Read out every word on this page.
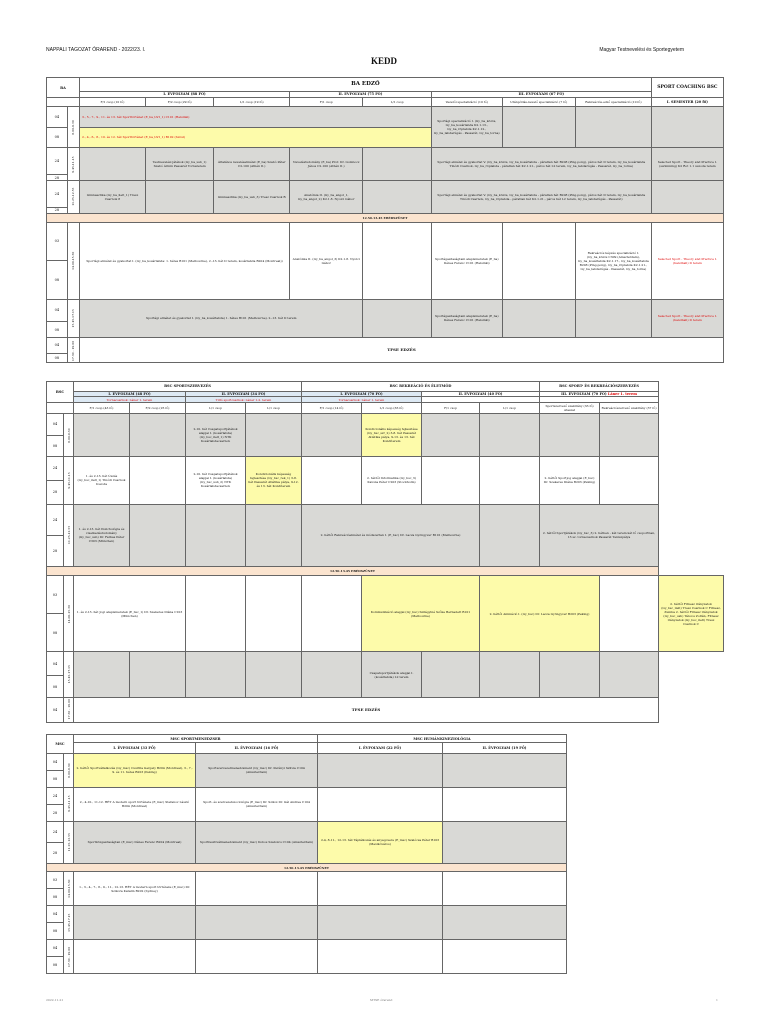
NAPPALI TAGOZAT ÓRAREND - 2022/23. I.	Magyar Testnevelési és Sportegyetem
KEDD
BA		BA EDZŐ								SPORT COACHING BSC
		I. ÉVFOLYAM (88 FŐ)			II. ÉVFOLYAM (75 FŐ)		III. ÉVFOLYAM (67 FŐ)			
		F/1 csop (10 fő)	F/2 csop (29 fő)	L/1 csop (19 fő)	F/1 csop	L/1 csop	Vezetői specializáció (10 fő)	Utánpótlás-nevelő specializáció (7 fő)	Rekreációs-edző specializáció (10 fő)	I. SEMESTER (20 fő)
04	8.00-9.30	3., 5., 7., 9., 11. és 13. hét Sporttörténet (E_ba_tört_1) C101 (Helsinki)					Sportági specializáció I. (Gy_ba_közös, Gy_ba_kosárlabda K2.1.13., Gy_ba_röplabda K2.1.12., Gy_ba_labdarúgás - Passarét, Gy_ba_torna)			
08		2., 4., 6., 8., 10. és 12. hét Sporttörténet (E_ba_tört_1) B102 (Szöul)								
24	9.45-11.15		Testnevelési játékok (Gy_ba_usb_1) Szabó Ármin Passarét Tornaterem	Általános neveléselmélet (E_ba) Szabó Péter C2-100 (Athén II.)	Neveléstudomány (E_ba) Prof. Dr. Gombocz János C2-100 (Athén II.)		Sportági elmélet és gyakorlat V. (Gy_ba_közös, Gy_ba_kosárlabda - páratlan hét B208 (Ping-pong), páros hét D terem, Gy_ba_kosárlabda Tinódi Csarnok, Gy_ba_röplabda - páratlan hét K2.1.21., páros hét L2 terem, Gy_ba_labdarúgás - Passarét, Gy_ba_torna)			Selected Sport - Theory and Practice I. (swimming) K2 Rot 1.1 uszoda terem
28										
24	11.25-12.55	Gimnasztika (Gy_ba_ilelt_1) Tresz Csarnok 8		Gimnasztika (Gy_ba_usb_3) Tresz Csarnok B	Anatómia II. (Gy_ba_angol_1, Gy_ba_angol_2) K2.1.8. Nyolci Gábor		Sportági elmélet és gyakorlat V. (Gy_ba_közös, Gy_ba_kosárlabda - páratlan hét B208 (Ping-pong), páros hét D terem, Gy_ba_kosárlabda Tinódi Csarnok, Gy_ba_röplabda - páratlan hét K2.1.21., páros hét L2 terem, Gy_ba_labdarúgás - Passarét)			
28										
12.50-13.45 EBÉDSZÜNET										
03	14.00-15.30	Sportági elmélet és gyakorlat I. (Gy_ba_kosárlabda: 1. hétes B101 (Melbourne), 2.-13. hét D terem, kosárlabda B204 (Montreal))			Anatómia II. (Gy_ba_angol_3) K2.1.8. Nyolci Gábor		Sportágazdaságtani alapismeretek (E_ba) Dénes Ferenc C101 (Helsinki)		Rekreációs képzés specializáció I. (Gy_ba_közös C309 (Amszterdam), Gy_ba_kosárlabda K2.1.17., Gy_ba_kosárlabda B208 (Ping-pong), Gy_ba_röplabda K2.1.21., Gy_ba_labdarúgás - Passarét, Gy_ba_torna)	Selected Sport - Theory and Practice I. (handball) D terem
08										
04	15.45-17.15	Sportági elmélet és gyakorlat I. (Gy_ba_kosárlabda) 1. hétes B101 (Melbourne), 2.-13. hét D terem					Sportágazdaságtani alapismeretek (E_ba) Dénes Ferenc C101 (Helsinki)			Selected Sport - Theory and Practice I. (handball) D terem
08										
04	17.30 - 19.00	TFSE EDZÉS								
08										
BSC		BSC SPORTSZERVEZÉS				BSC REKREÁCIÓ ÉS ÉLETMÓD				BSC SPORT- ÉS REKREÁCIÓSZERVEZÉS		
		I. ÉVFOLYAM (48 FŐ)		II. ÉVFOLYAM (34 FŐ)		I. ÉVFOLYAM (70 FŐ)		II. ÉVFOLYAM (40 FŐ)		III. ÉVFOLYAM (70 FŐ) Láner 1. terem		
		Tornacsarnok: Láner 1. terem		Tiltó sportcsarnok: Láner 1-2. terem		Tornacsarnok: Láner 1. terem						
		F/1 csop (43 fő)	F/2 csop (25 fő)	L/1 csop	L/1 csop	F/1 csop (14 fő)	L/1 csop (36 fő)	F/1 csop	L/1 csop	Sportszervező szakirány (33 fő) Ataszat	Rekreációszervező szakirány (37 fő)	
04	8.00-9.30			2-10. hét Csapatsportjátékok alapjai I. (kosárlabda) (Gy_bsc_ilelt_1) NTK Kosárlabdacsarnok			Kondicionális képesség fejlesztése (Gy_bsc_szr_2) 3-8. hét Passarét Atlétika pálya, 9-13. és 13. hét Kondíterem					
08												
24	9.45-11.15	1. és 2-13. hét Úszás (Gy_bsc_ilelt_1) Tinódi Csarnok Uszoda		2-10. hét Csapatsportjátékok alapjai I. (kosárlabda) (Gy_bsc_usb_2) NTK Kosárlabdacsarnok	Kondicionális képesség fejlesztése (Gy_bsc_rek_1) 3-8. hét Passarét Atlétika pálya, 9-12. és 13. hét Kondíterem		2. héttől Informatika (Gy_bsc_3) Katona Péter C203 (Stockholm)			2. héttől Sportjog alapjai (E_bsc) Dr. Szekeres Diána B203 (Peking)		
28												
24	11.25-12.55	1. és 2-13. hét Pszichológia és viselkedéstudomány (Gy_bsc_usb) Dr. Farkas Péter C303 (München)				2. héttől Rekreációelmélet és módszertan I. (E_bsc) Dr. Lacza Gyöngyver B101 (Melbourne)				2. héttől Sportjátékok (Gy_bsc_3) 2. hétben - két terem két fő csoportban, 13 sz. tornacsarnok Passarét Teniszpálya		
28												
12.50-13.45 EBÉDSZÜNET												
03	14.00-15.30	1. és 2-13. hét Jogi alapismeretek (E_bsc_1) Dr. Szekeres Diána C103 (München)					Kommunikáció alapjai (Gy_bsc) Szilágyiné Szőke Bernadett B101 (Melbourne)		2. héttől Animáció I. (Gy_bsc) Dr. Lacza Gyöngyver B203 (Peking)			2. héttől Fitnesz irányzatok (Gy_bsc_ilelt) Tresz Csarnok C Fitnesz, Zumba 2. héttől Fitnesz irányzatok (Gy_bsc_usb) Táncos Zoltán, Fitnesz irányzatok (Gy_bsc_ilelt) Tresz Csarnok C
08												
04	15.45-17.15						Csapatsportjátékok alapjai I. (kosárlabda) L2 terem					
08												
04	17.30 - 19.00	TFSE EDZÉS										
MSC		MSC SPORTMENEDZSER		MSC HUMÁNKINEZIOLÓGIA	
		I. ÉVFOLYAM (33 FŐ)	II. ÉVFOLYAM (16 FŐ)	I. ÉVFOLYAM (22 FŐ)	II. ÉVFOLYAM (19 FŐ)
04	8.00-9.30	2. héttől Sportvállalkozás (Gy_msc) Csurilla Gergely B204 (Montreal), 3., 7., 9. és 11. hétes B203 (Peking)	Sportszervezetmenedzsment (Gy_msc) Dr. Perényi Szilvia C104 (Amszterdam)		
08					
24	9.45-11.15	2., 4-10., 11-12. HÉT A modern sport története (E_msc) Stefanov László B204 (Montreal)	Sport- és szervezetszociológia (E_msc) Dr. Szikoi Dr. Gál Andrea C104 (Amszterdam)		
28					
24	11.25-12.55	Sportközgazdaságtan (E_msc) Dénes Ferenc B204 (Montreal)	Sportfesztiválmenedzsment (Gy_msc) Dobos Szabolcs C104 (Amszterdam)	2-4, 8-11., 12-13. hét Táplálkozás és anyagcsere (E_msc) Szalócsa Péter B103 (Mexikóváros)	
28					
12.50-13.45 EBÉDSZÜNET					
03	14.00-15.30	1., 3., 4., 7., 8., 9., 11., 12-13. HÉT A modern sport története (E_msc) Dr. Szikora Katalin B202 (Sydney)			
08					
04	15.45-17.15				
08					
04	17.30 - 19.00				
08					
2022-11-21	MTSE órarend	1
